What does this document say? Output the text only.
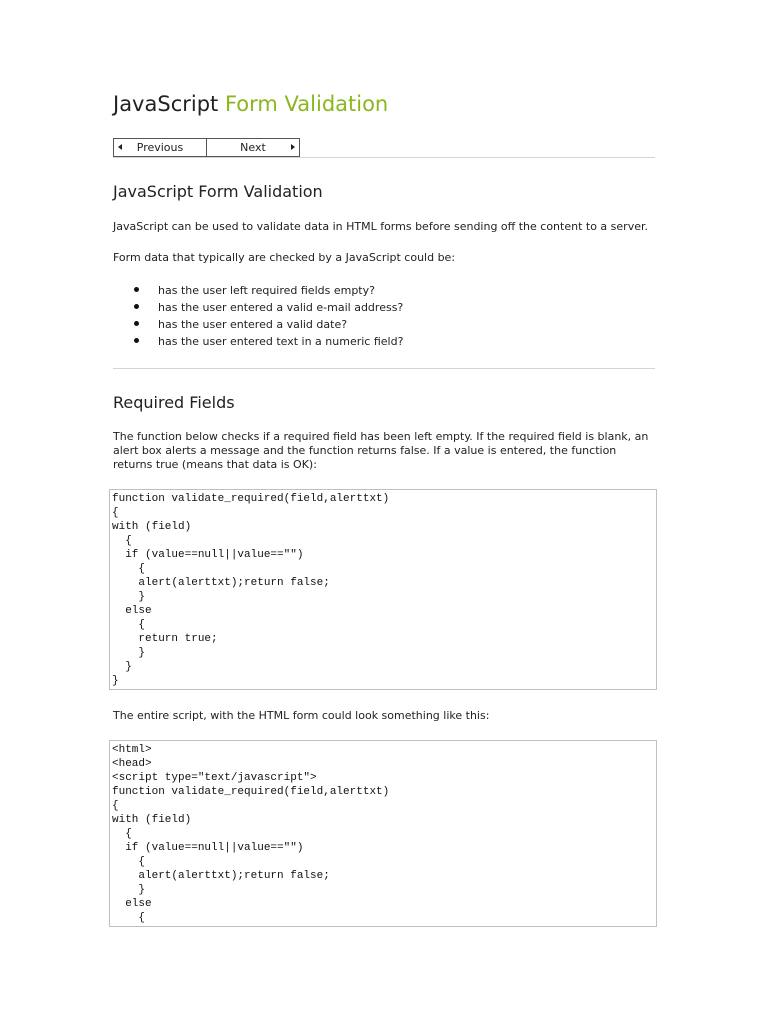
JavaScript Form Validation
Previous	Next
JavaScript Form Validation

JavaScript can be used to validate data in HTML forms before sending off the content to a server.

Form data that typically are checked by a JavaScript could be:

has the user left required fields empty?
has the user entered a valid e-mail address?
has the user entered a valid date?
has the user entered text in a numeric field?
Required Fields

The function below checks if a required field has been left empty. If the required field is blank, an alert box alerts a message and the function returns false. If a value is entered, the function returns true (means that data is OK):

function validate_required(field,alerttxt)
{
with (field)
{
if (value==null||value=="")
{
alert(alerttxt);return false;
}
else
{
return true;
}
}
}

The entire script, with the HTML form could look something like this:

<html>
<head>
<script type="text/javascript">
function validate_required(field,alerttxt)
{
with (field)
{
if (value==null||value=="")
{
alert(alerttxt);return false;
}
else
{
